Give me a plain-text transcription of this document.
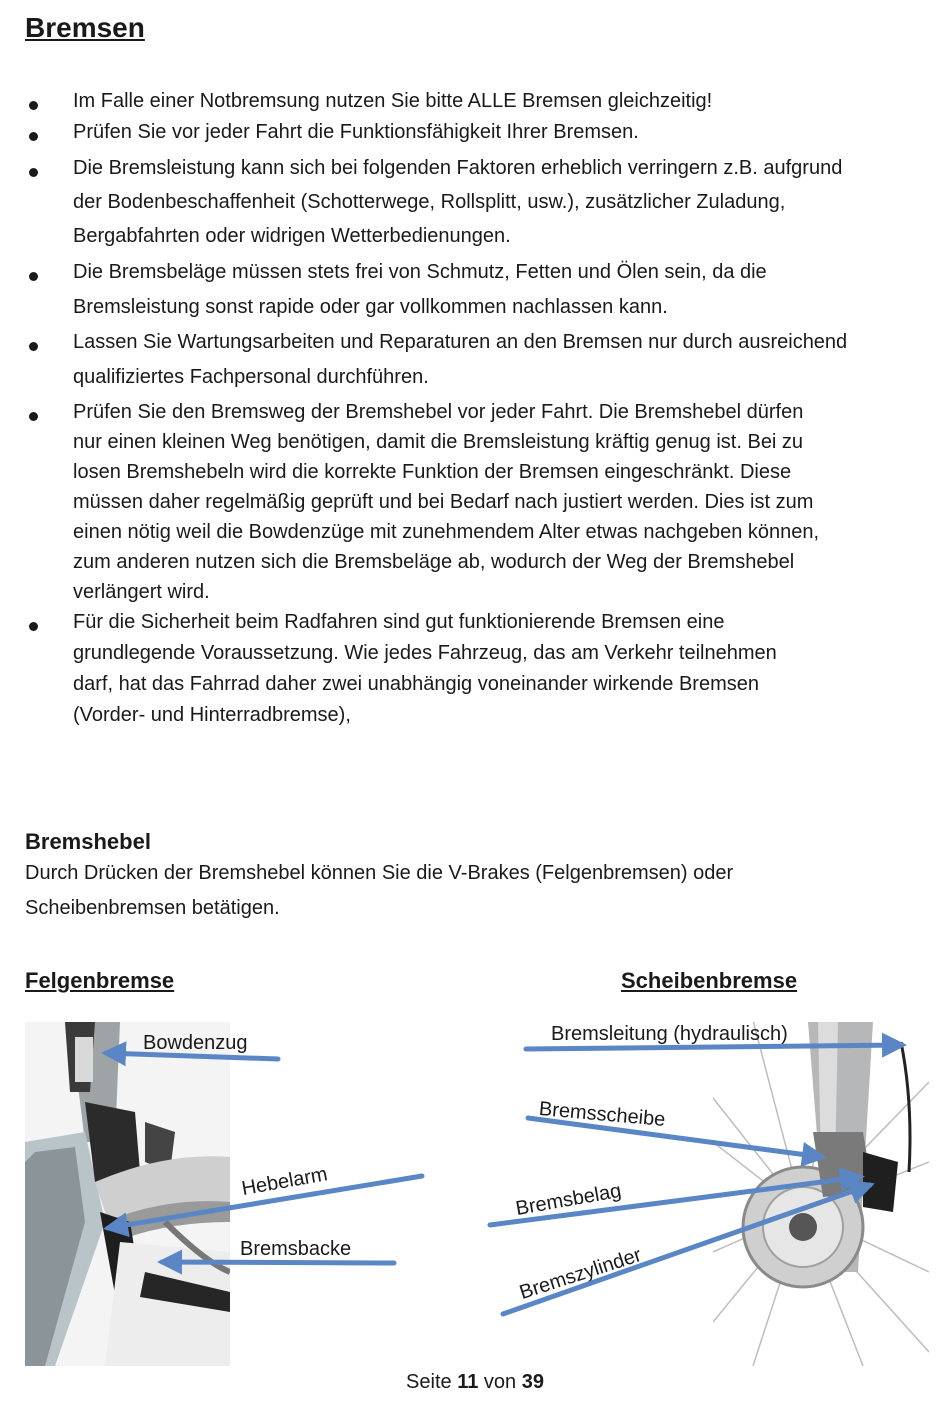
Bremsen
Im Falle einer Notbremsung nutzen Sie bitte ALLE Bremsen gleichzeitig!
Prüfen Sie vor jeder Fahrt die Funktionsfähigkeit Ihrer Bremsen.
Die Bremsleistung kann sich bei folgenden Faktoren erheblich verringern z.B. aufgrund
der Bodenbeschaffenheit (Schotterwege, Rollsplitt, usw.), zusätzlicher Zuladung,
Bergabfahrten oder widrigen Wetterbedienungen.
Die Bremsbeläge müssen stets frei von Schmutz, Fetten und Ölen sein, da die
Bremsleistung sonst rapide oder gar vollkommen nachlassen kann.
Lassen Sie Wartungsarbeiten und Reparaturen an den Bremsen nur durch ausreichend
qualifiziertes Fachpersonal durchführen.
Prüfen Sie den Bremsweg der Bremshebel vor jeder Fahrt. Die Bremshebel dürfen
nur einen kleinen Weg benötigen, damit die Bremsleistung kräftig genug ist. Bei zu
losen Bremshebeln wird die korrekte Funktion der Bremsen eingeschränkt. Diese
müssen daher regelmäßig geprüft und bei Bedarf nach justiert werden. Dies ist zum
einen nötig weil die Bowdenzüge mit zunehmendem Alter etwas nachgeben können,
zum anderen nutzen sich die Bremsbeläge ab, wodurch der Weg der Bremshebel
verlängert wird.
Für die Sicherheit beim Radfahren sind gut funktionierende Bremsen eine
grundlegende Voraussetzung. Wie jedes Fahrzeug, das am Verkehr teilnehmen
darf, hat das Fahrrad daher zwei unabhängig voneinander wirkende Bremsen
(Vorder- und Hinterradbremse),
Bremshebel
Durch Drücken der Bremshebel können Sie die V-Brakes (Felgenbremsen) oder
Scheibenbremsen betätigen.
Felgenbremse	Scheibenbremse
Bowdenzug
Hebelarm
Bremsbacke
Bremsleitung (hydraulisch)
Bremsscheibe
Bremsbelag
Bremszylinder
Seite 11 von 39
